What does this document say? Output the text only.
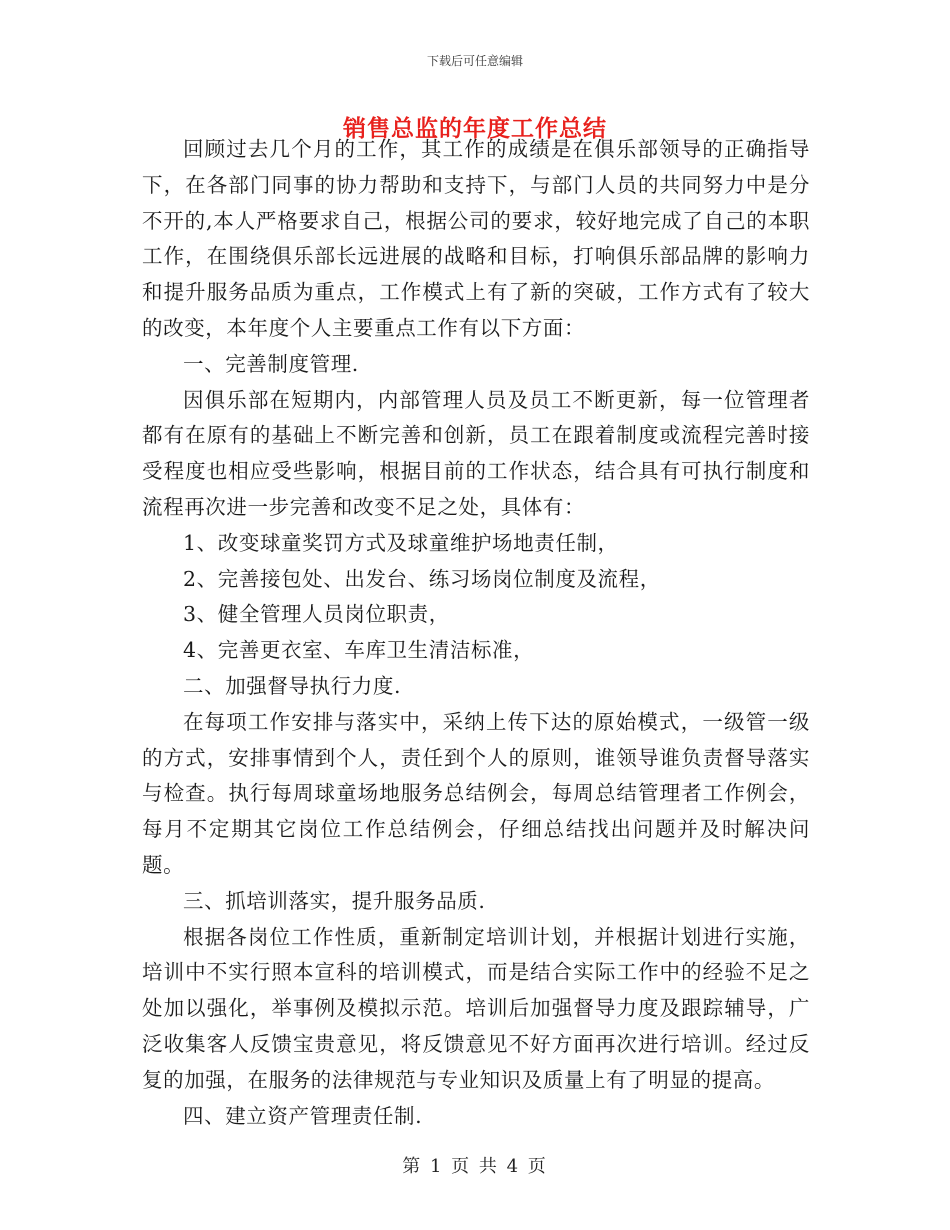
下载后可任意编辑
销售总监的年度工作总结

回顾过去几个月的工作，其工作的成绩是在俱乐部领导的正确指导下，在各部门同事的协力帮助和支持下，与部门人员的共同努力中是分不开的,本人严格要求自己，根据公司的要求，较好地完成了自己的本职工作，在围绕俱乐部长远进展的战略和目标，打响俱乐部品牌的影响力和提升服务品质为重点，工作模式上有了新的突破，工作方式有了较大的改变，本年度个人主要重点工作有以下方面：

一、完善制度管理.

因俱乐部在短期内，内部管理人员及员工不断更新，每一位管理者都有在原有的基础上不断完善和创新，员工在跟着制度或流程完善时接受程度也相应受些影响，根据目前的工作状态，结合具有可执行制度和流程再次进一步完善和改变不足之处，具体有：

1、改变球童奖罚方式及球童维护场地责任制，

2、完善接包处、出发台、练习场岗位制度及流程，

3、健全管理人员岗位职责，

4、完善更衣室、车库卫生清洁标准，

二、加强督导执行力度.

在每项工作安排与落实中，采纳上传下达的原始模式，一级管一级的方式，安排事情到个人，责任到个人的原则，谁领导谁负责督导落实与检查。执行每周球童场地服务总结例会，每周总结管理者工作例会，每月不定期其它岗位工作总结例会，仔细总结找出问题并及时解决问题。

三、抓培训落实，提升服务品质.

根据各岗位工作性质，重新制定培训计划，并根据计划进行实施，培训中不实行照本宣科的培训模式，而是结合实际工作中的经验不足之处加以强化，举事例及模拟示范。培训后加强督导力度及跟踪辅导，广泛收集客人反馈宝贵意见，将反馈意见不好方面再次进行培训。经过反复的加强，在服务的法律规范与专业知识及质量上有了明显的提高。

四、建立资产管理责任制.

第 1 页 共 4 页
